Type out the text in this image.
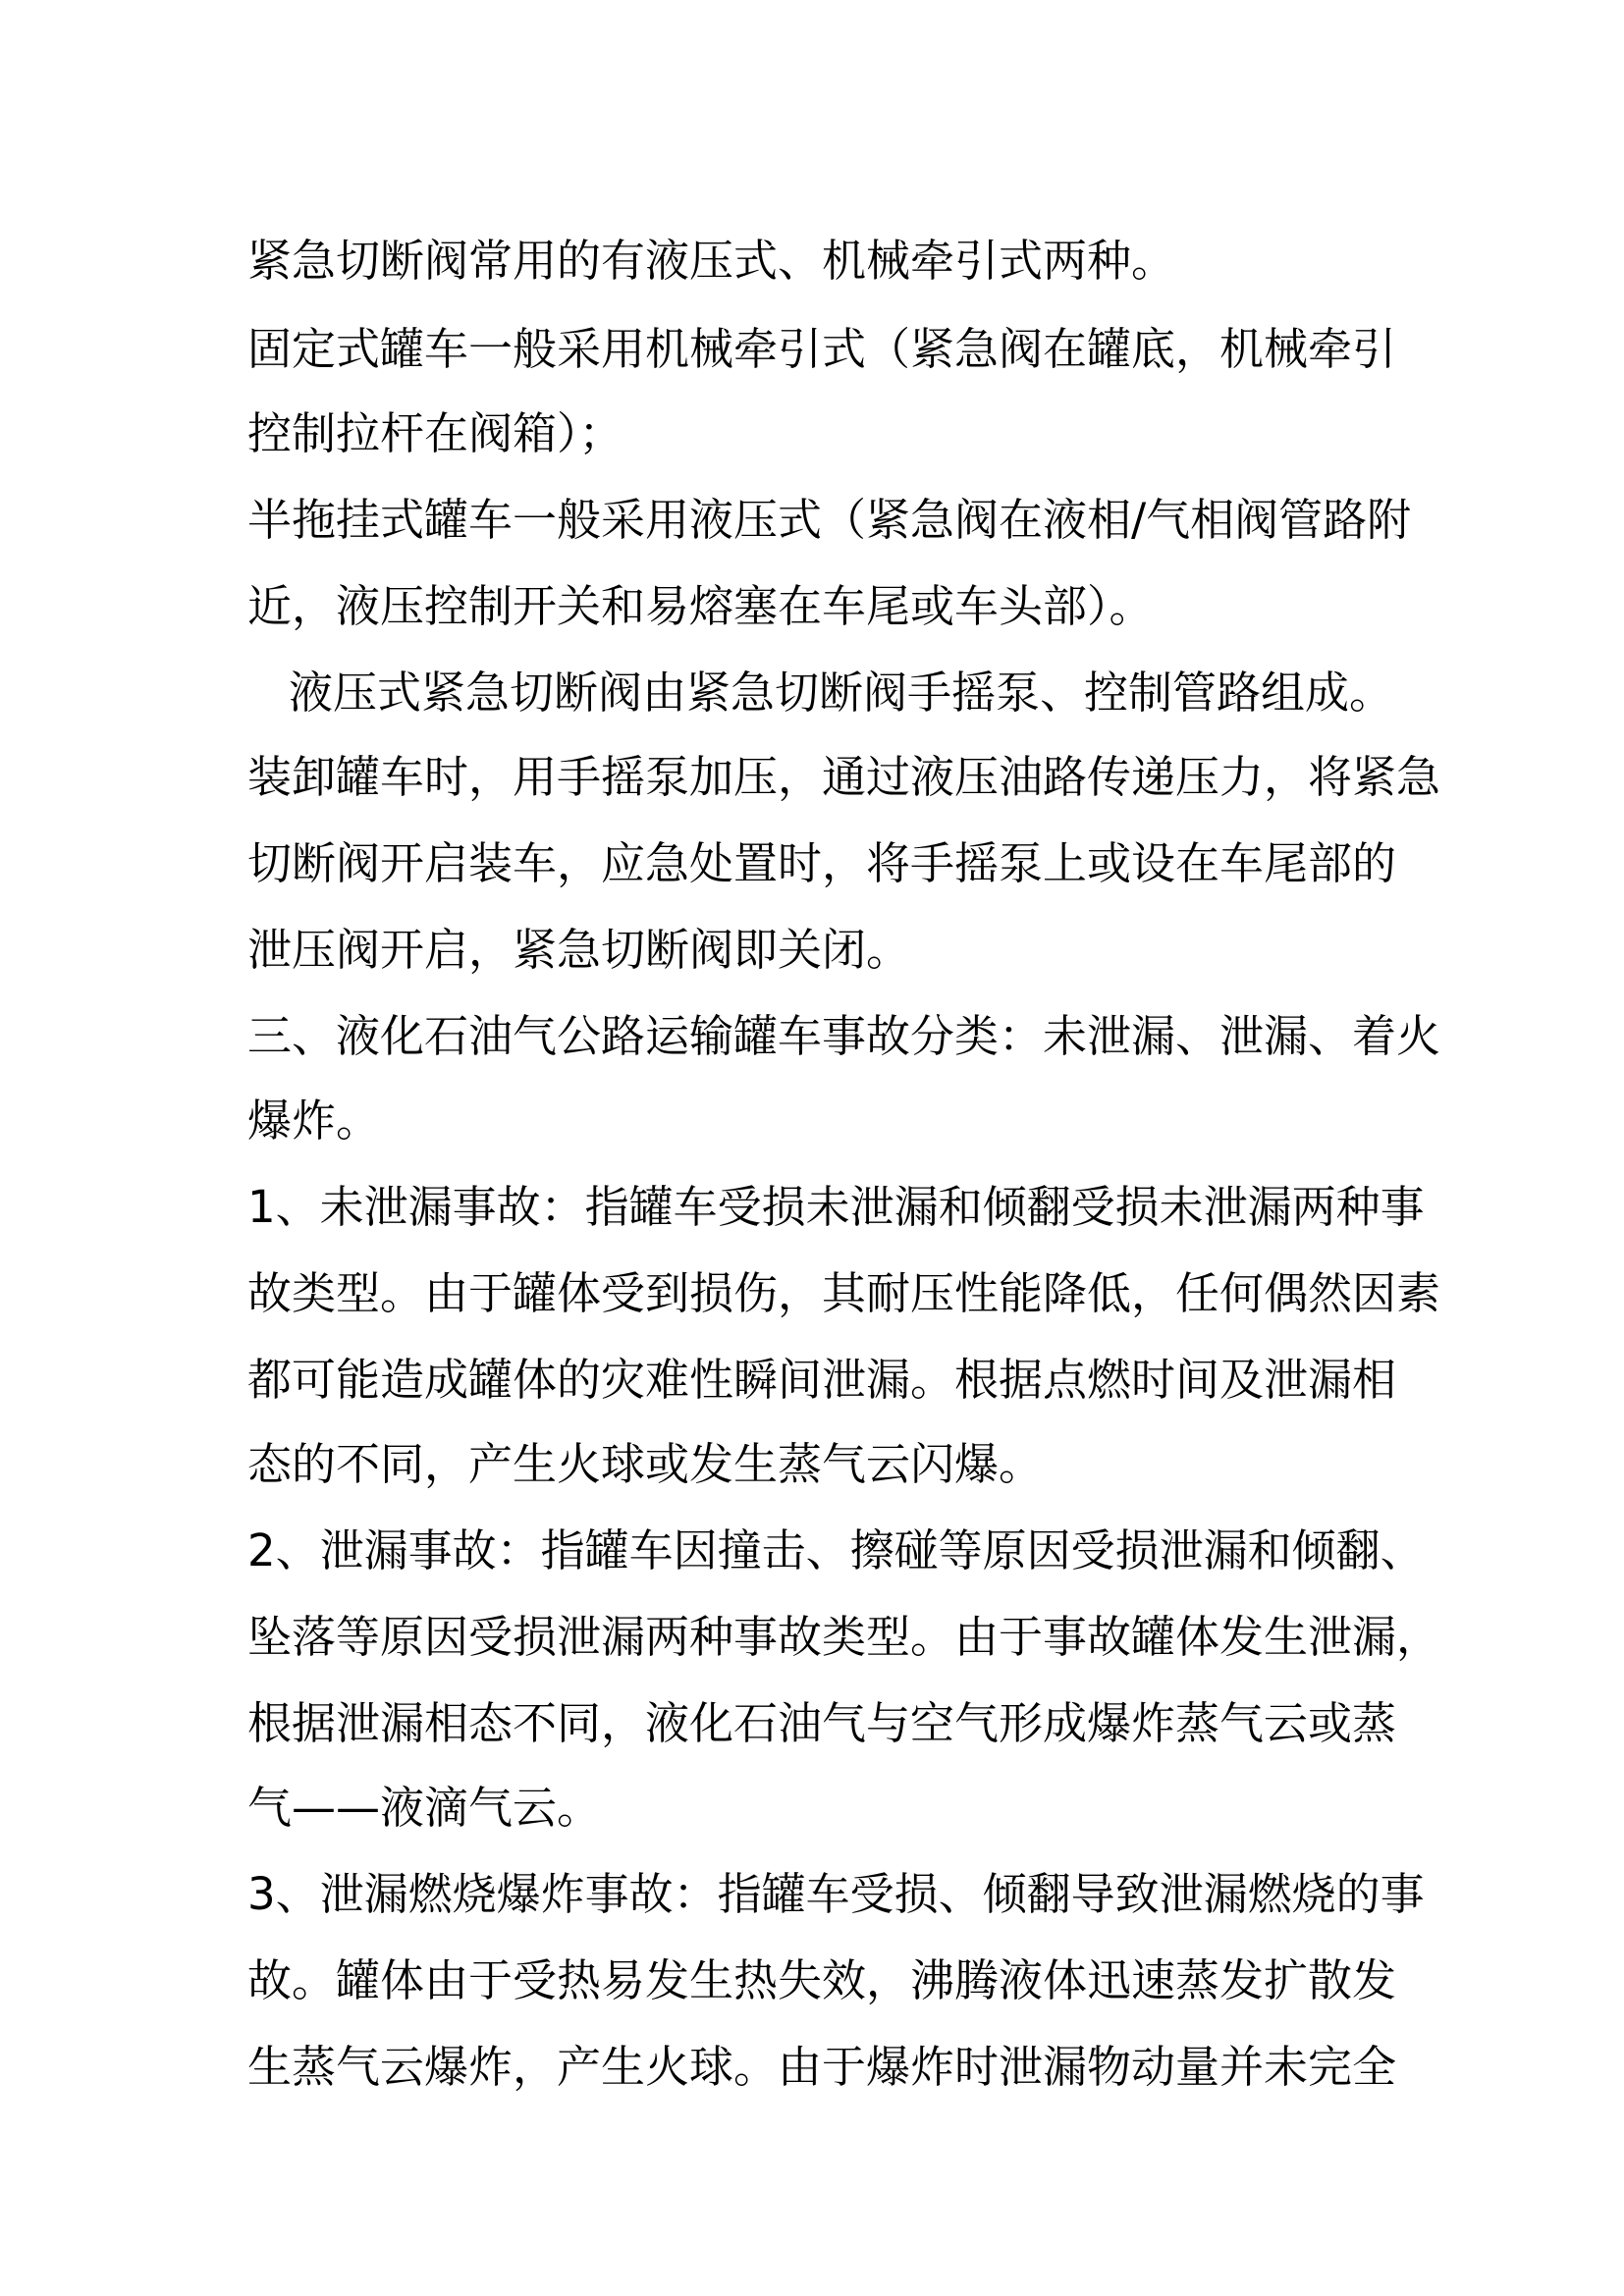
紧急切断阀常用的有液压式、机械牵引式两种。
固定式罐车一般采用机械牵引式（紧急阀在罐底，机械牵引
控制拉杆在阀箱）；
半拖挂式罐车一般采用液压式（紧急阀在液相/气相阀管路附
近，液压控制开关和易熔塞在车尾或车头部）。
液压式紧急切断阀由紧急切断阀手摇泵、控制管路组成。
装卸罐车时，用手摇泵加压，通过液压油路传递压力，将紧急
切断阀开启装车，应急处置时，将手摇泵上或设在车尾部的
泄压阀开启，紧急切断阀即关闭。
三、液化石油气公路运输罐车事故分类：未泄漏、泄漏、着火
爆炸。
1、未泄漏事故：指罐车受损未泄漏和倾翻受损未泄漏两种事
故类型。由于罐体受到损伤，其耐压性能降低，任何偶然因素
都可能造成罐体的灾难性瞬间泄漏。根据点燃时间及泄漏相
态的不同，产生火球或发生蒸气云闪爆。
2、泄漏事故：指罐车因撞击、擦碰等原因受损泄漏和倾翻、
坠落等原因受损泄漏两种事故类型。由于事故罐体发生泄漏，
根据泄漏相态不同，液化石油气与空气形成爆炸蒸气云或蒸
气——液滴气云。
3、泄漏燃烧爆炸事故：指罐车受损、倾翻导致泄漏燃烧的事
故。罐体由于受热易发生热失效，沸腾液体迅速蒸发扩散发
生蒸气云爆炸，产生火球。由于爆炸时泄漏物动量并未完全
